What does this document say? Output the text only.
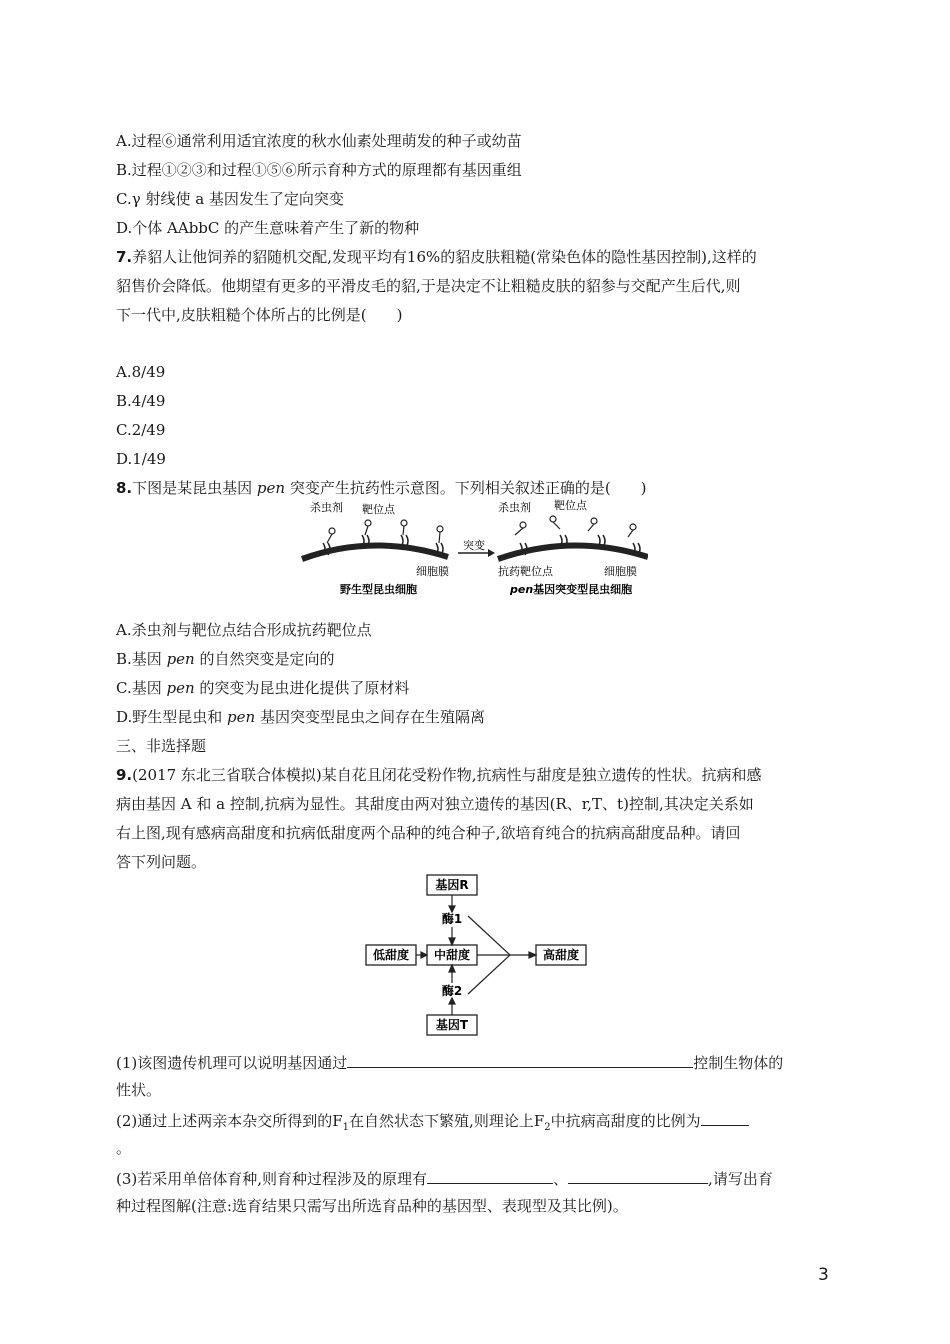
A.过程⑥通常利用适宜浓度的秋水仙素处理萌发的种子或幼苗
B.过程①②③和过程①⑤⑥所示育种方式的原理都有基因重组
C.γ 射线使 a 基因发生了定向突变
D.个体 AAbbC 的产生意味着产生了新的物种
7.养貂人让他饲养的貂随机交配,发现平均有16%的貂皮肤粗糙(常染色体的隐性基因控制),这样的
貂售价会降低。他期望有更多的平滑皮毛的貂,于是决定不让粗糙皮肤的貂参与交配产生后代,则
下一代中,皮肤粗糙个体所占的比例是(　　)
A.8/49
B.4/49
C.2/49
D.1/49
8.下图是某昆虫基因 pen 突变产生抗药性示意图。下列相关叙述正确的是(　　)
突变
杀虫剂 靶位点
细胞膜
野生型昆虫细胞
杀虫剂 靶位点
抗药靶位点	细胞膜
pen基因突变型昆虫细胞
A.杀虫剂与靶位点结合形成抗药靶位点
B.基因 pen 的自然突变是定向的
C.基因 pen 的突变为昆虫进化提供了原材料
D.野生型昆虫和 pen 基因突变型昆虫之间存在生殖隔离
三、非选择题
9.(2017 东北三省联合体模拟)某自花且闭花受粉作物,抗病性与甜度是独立遗传的性状。抗病和感
病由基因 A 和 a 控制,抗病为显性。其甜度由两对独立遗传的基因(R、r,T、t)控制,其决定关系如
右上图,现有感病高甜度和抗病低甜度两个品种的纯合种子,欲培育纯合的抗病高甜度品种。请回
答下列问题。
基因R
酶1
低甜度 中甜度	高甜度
酶2
基因T
(1)该图遗传机理可以说明基因通过	控制生物体的
性状。
(2)通过上述两亲本杂交所得到的$F_1$在自然状态下繁殖,则理论上$F_2$中抗病高甜度的比例为
。
(3)若采用单倍体育种,则育种过程涉及的原理有	、	,请写出育
种过程图解(注意:选育结果只需写出所选育品种的基因型、表现型及其比例)。
3
